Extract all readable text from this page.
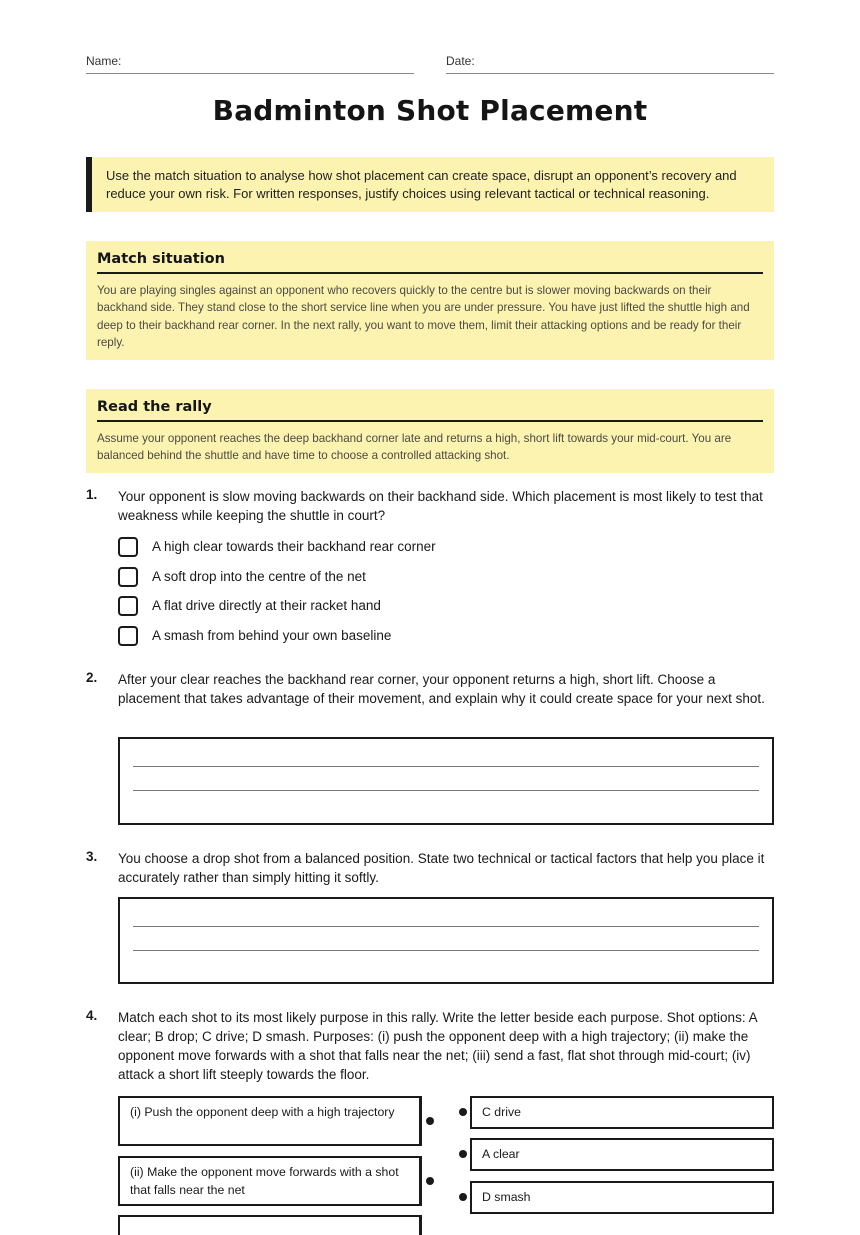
Name:	Date:
Badminton Shot Placement
Use the match situation to analyse how shot placement can create space, disrupt an opponent’s recovery and reduce your own risk. For written responses, justify choices using relevant tactical or technical reasoning.
Match situation

You are playing singles against an opponent who recovers quickly to the centre but is slower moving backwards on their backhand side. They stand close to the short service line when you are under pressure. You have just lifted the shuttle high and deep to their backhand rear corner. In the next rally, you want to move them, limit their attacking options and be ready for their reply.

Read the rally

Assume your opponent reaches the deep backhand corner late and returns a high, short lift towards your mid-court. You are balanced behind the shuttle and have time to choose a controlled attacking shot.

1. Your opponent is slow moving backwards on their backhand side. Which placement is most likely to test that weakness while keeping the shuttle in court?
A high clear towards their backhand rear corner
A soft drop into the centre of the net
A flat drive directly at their racket hand
A smash from behind your own baseline
2. After your clear reaches the backhand rear corner, your opponent returns a high, short lift. Choose a placement that takes advantage of their movement, and explain why it could create space for your next shot.
3. You choose a drop shot from a balanced position. State two technical or tactical factors that help you place it accurately rather than simply hitting it softly.
4. Match each shot to its most likely purpose in this rally. Write the letter beside each purpose. Shot options: A clear; B drop; C drive; D smash. Purposes: (i) push the opponent deep with a high trajectory; (ii) make the opponent move forwards with a shot that falls near the net; (iii) send a fast, flat shot through mid-court; (iv) attack a short lift steeply towards the floor.
(i) Push the opponent deep with a high trajectory
(ii) Make the opponent move forwards with a shot that falls near the net
C drive
A clear
D smash
